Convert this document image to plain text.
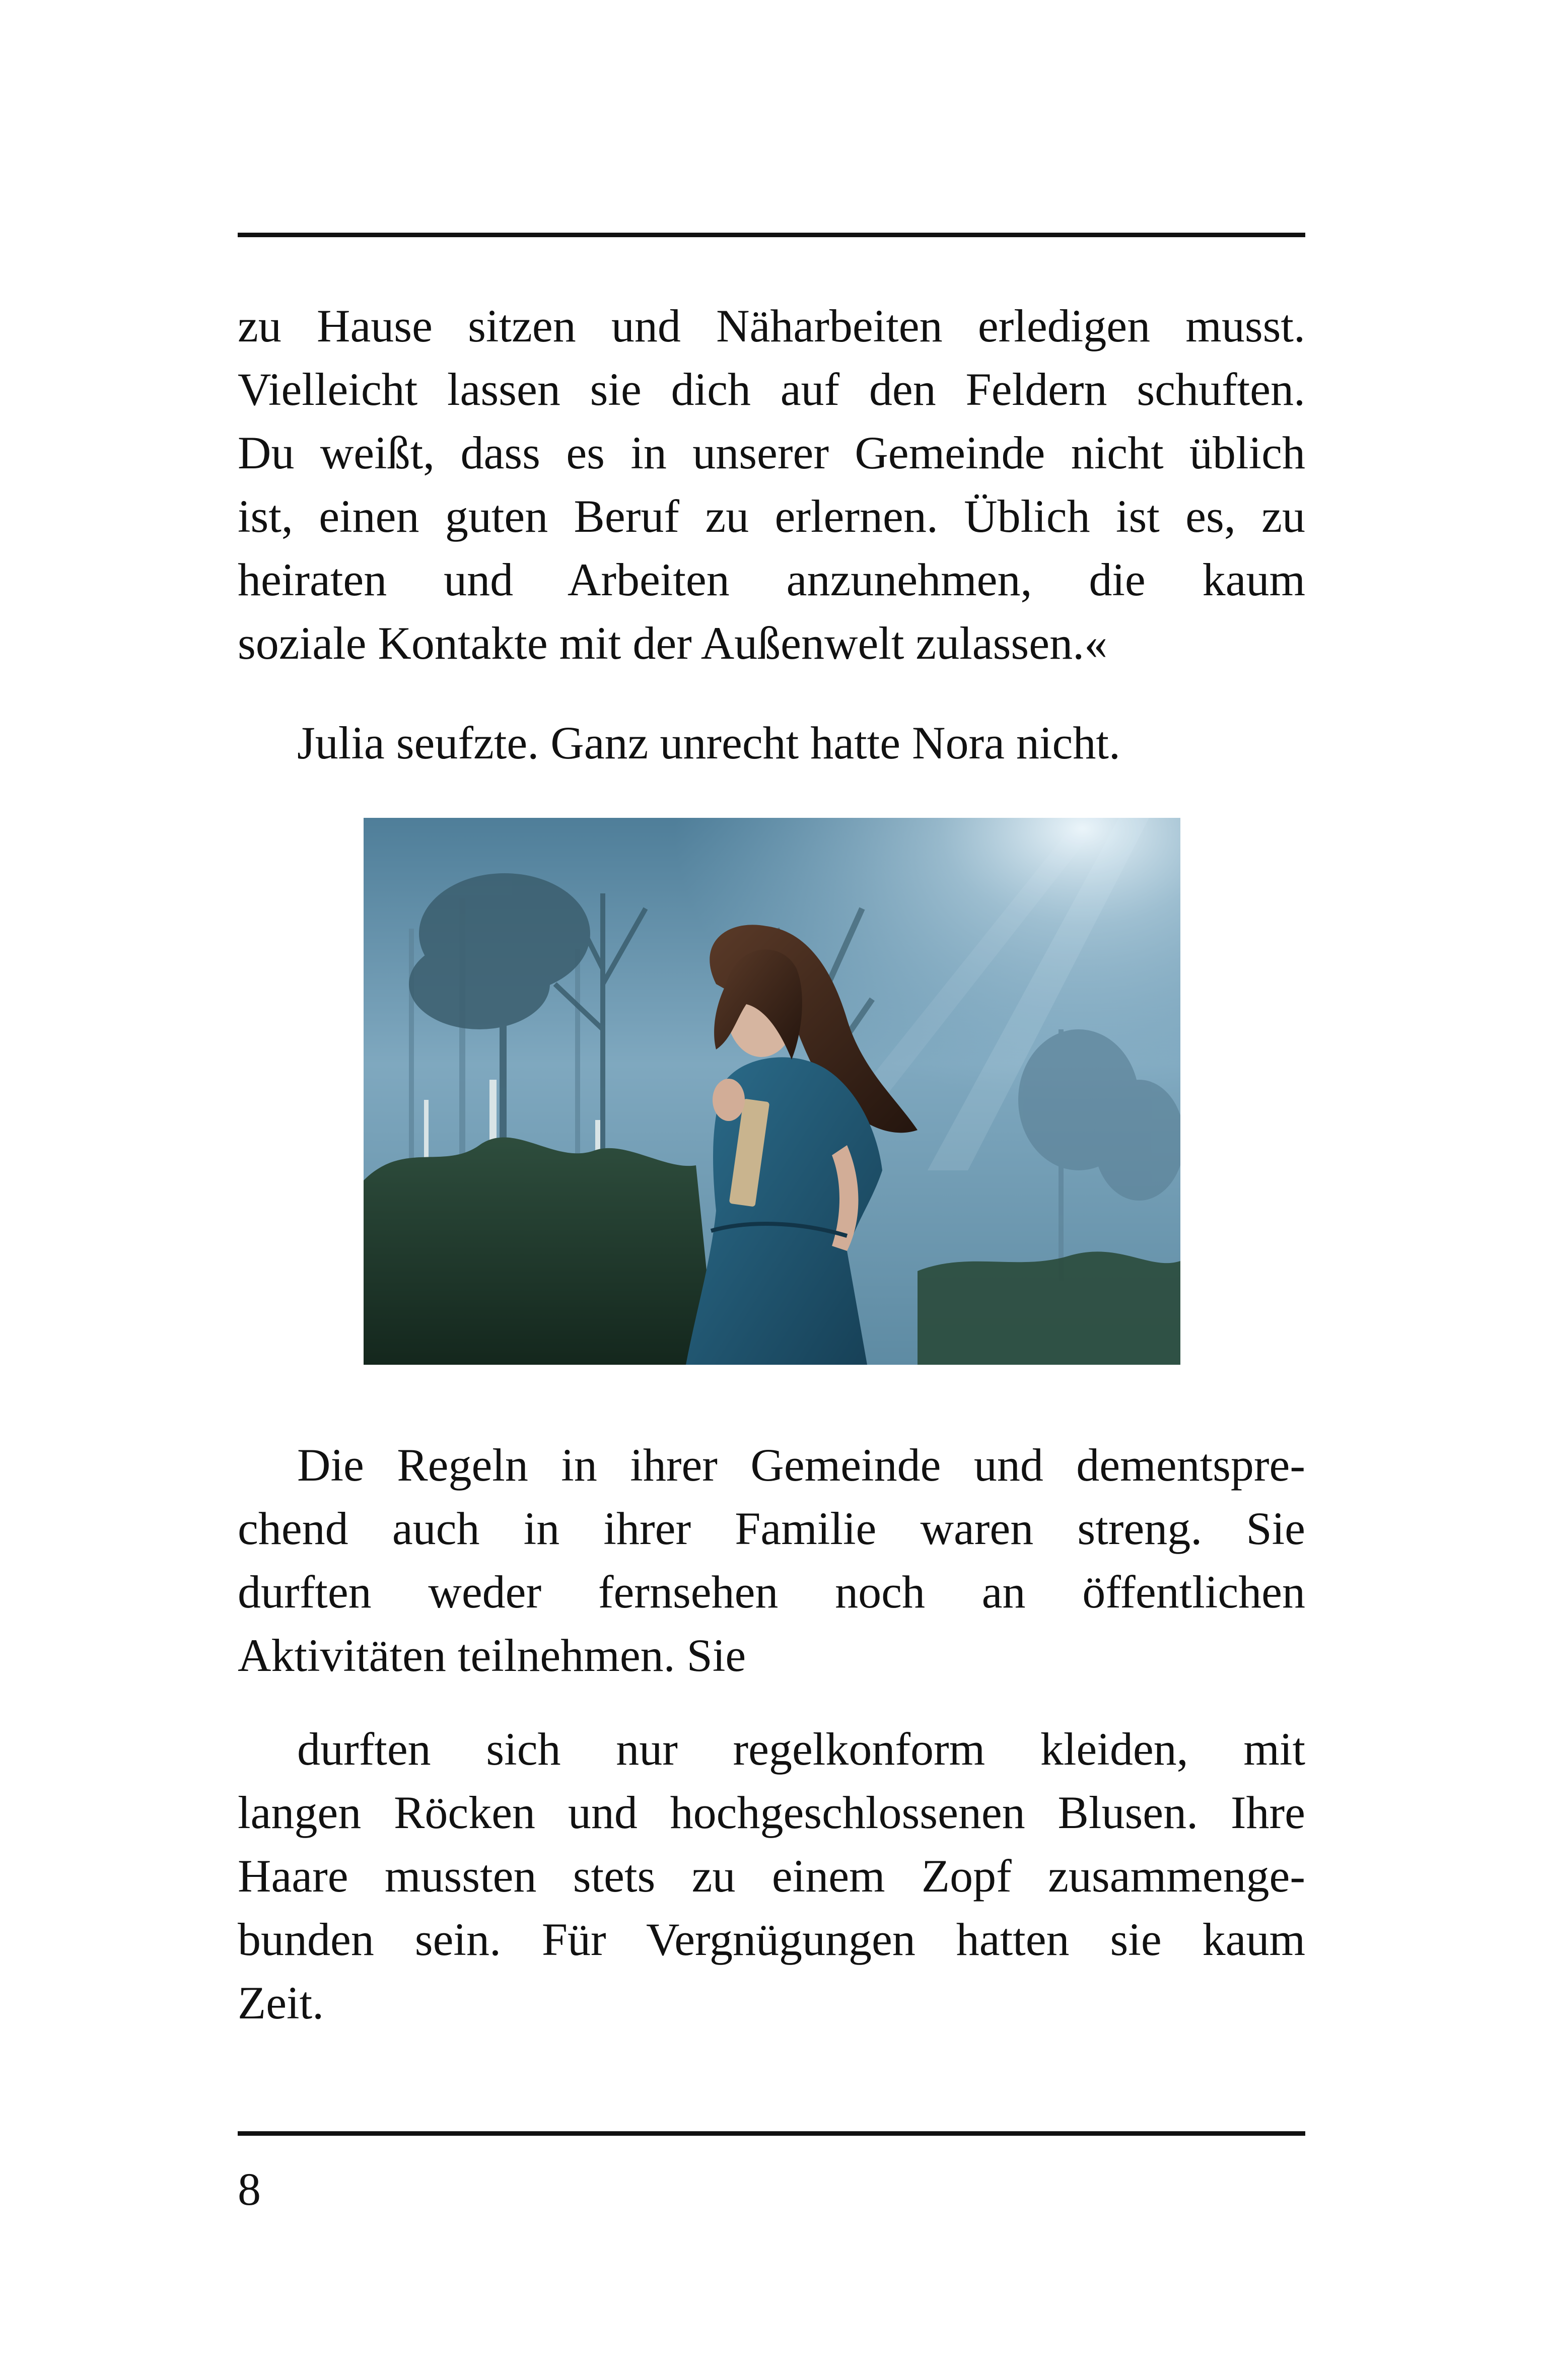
zu Hause sitzen und Näharbeiten erledigen musst.
Vielleicht lassen sie dich auf den Feldern schuften.
Du weißt, dass es in unserer Gemeinde nicht üblich
ist, einen guten Beruf zu erlernen. Üblich ist es, zu
heiraten und Arbeiten anzunehmen, die kaum
soziale Kontakte mit der Außenwelt zulassen.«
Julia seufzte. Ganz unrecht hatte Nora nicht.
Die Regeln in ihrer Gemeinde und dementspre-
chend auch in ihrer Familie waren streng. Sie
durften weder fernsehen noch an öffentlichen
Aktivitäten teilnehmen. Sie
durften sich nur regelkonform kleiden, mit
langen Röcken und hochgeschlossenen Blusen. Ihre
Haare mussten stets zu einem Zopf zusammenge-
bunden sein. Für Vergnügungen hatten sie kaum
Zeit.
8
